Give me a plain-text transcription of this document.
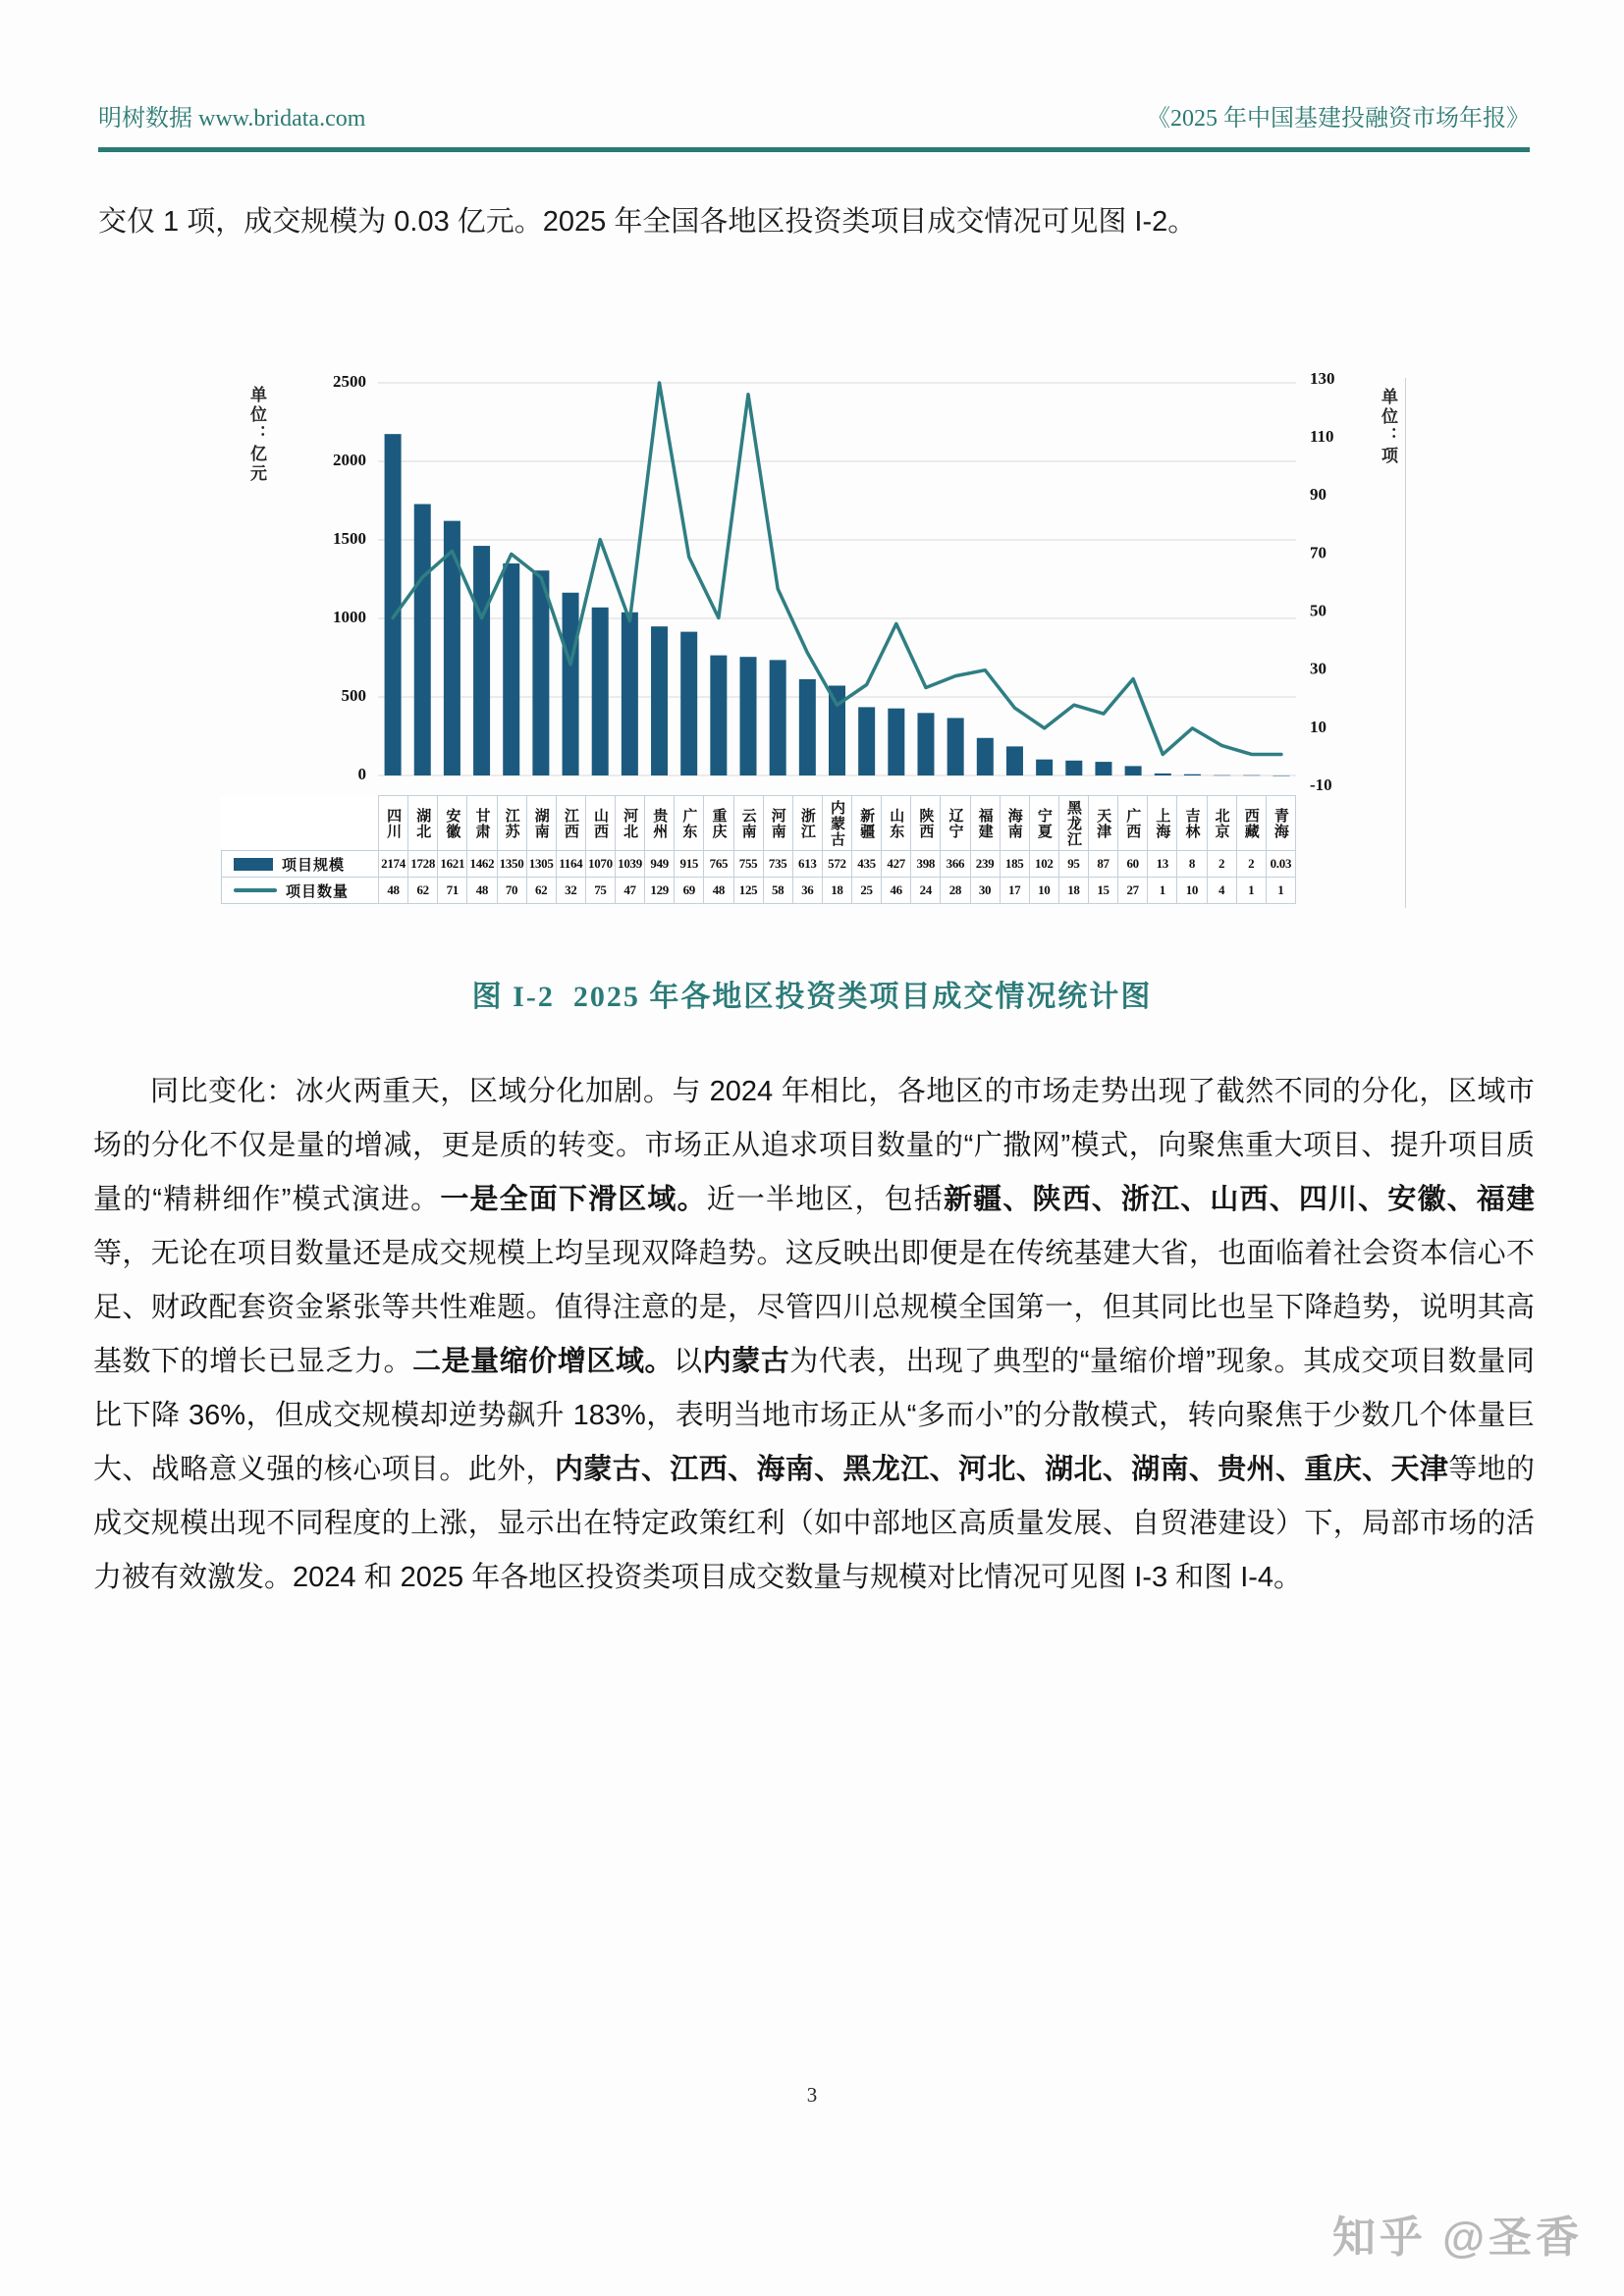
明树数据 www.bridata.com	《2025 年中国基建投融资市场年报》
交仅 1 项，成交规模为 0.03 亿元。2025 年全国各地区投资类项目成交情况可见图 I-2。
单位：亿元	单位：项
2500
2000
1500
1000
500
0
130
110
90
70
50
30
10
-10

	四川	湖北	安徽	甘肃	江苏	湖南	江西	山西	河北	贵州	广东	重庆	云南	河南	浙江	内蒙古	新疆	山东	陕西	辽宁	福建	海南	宁夏	黑龙江	天津	广西	上海	吉林	北京	西藏	青海

项目规模	2174	1728	1621	1462	1350	1305	1164	1070	1039	949	915	765	755	735	613	572	435	427	398	366	239	185	102	95	87	60	13	8	2	2	0.03

项目数量	48	62	71	48	70	62	32	75	47	129	69	48	125	58	36	18	25	46	24	28	30	17	10	18	15	27	1	10	4	1	1
图 I-2  2025 年各地区投资类项目成交情况统计图

同比变化：冰火两重天，区域分化加剧。与 2024 年相比，各地区的市场走势出现了截然不同的分化，区域市场的分化不仅是量的增减，更是质的转变。市场正从追求项目数量的“广撒网”模式，向聚焦重大项目、提升项目质量的“精耕细作”模式演进。一是全面下滑区域。近一半地区，包括新疆、陕西、浙江、山西、四川、安徽、福建等，无论在项目数量还是成交规模上均呈现双降趋势。这反映出即便是在传统基建大省，也面临着社会资本信心不足、财政配套资金紧张等共性难题。值得注意的是，尽管四川总规模全国第一，但其同比也呈下降趋势，说明其高基数下的增长已显乏力。二是量缩价增区域。以内蒙古为代表，出现了典型的“量缩价增”现象。其成交项目数量同比下降 36%，但成交规模却逆势飙升 183%，表明当地市场正从“多而小”的分散模式，转向聚焦于少数几个体量巨大、战略意义强的核心项目。此外，内蒙古、江西、海南、黑龙江、河北、湖北、湖南、贵州、重庆、天津等地的成交规模出现不同程度的上涨，显示出在特定政策红利（如中部地区高质量发展、自贸港建设）下，局部市场的活力被有效激发。2024 和 2025 年各地区投资类项目成交数量与规模对比情况可见图 I-3 和图 I-4。

3
知乎 @圣香
